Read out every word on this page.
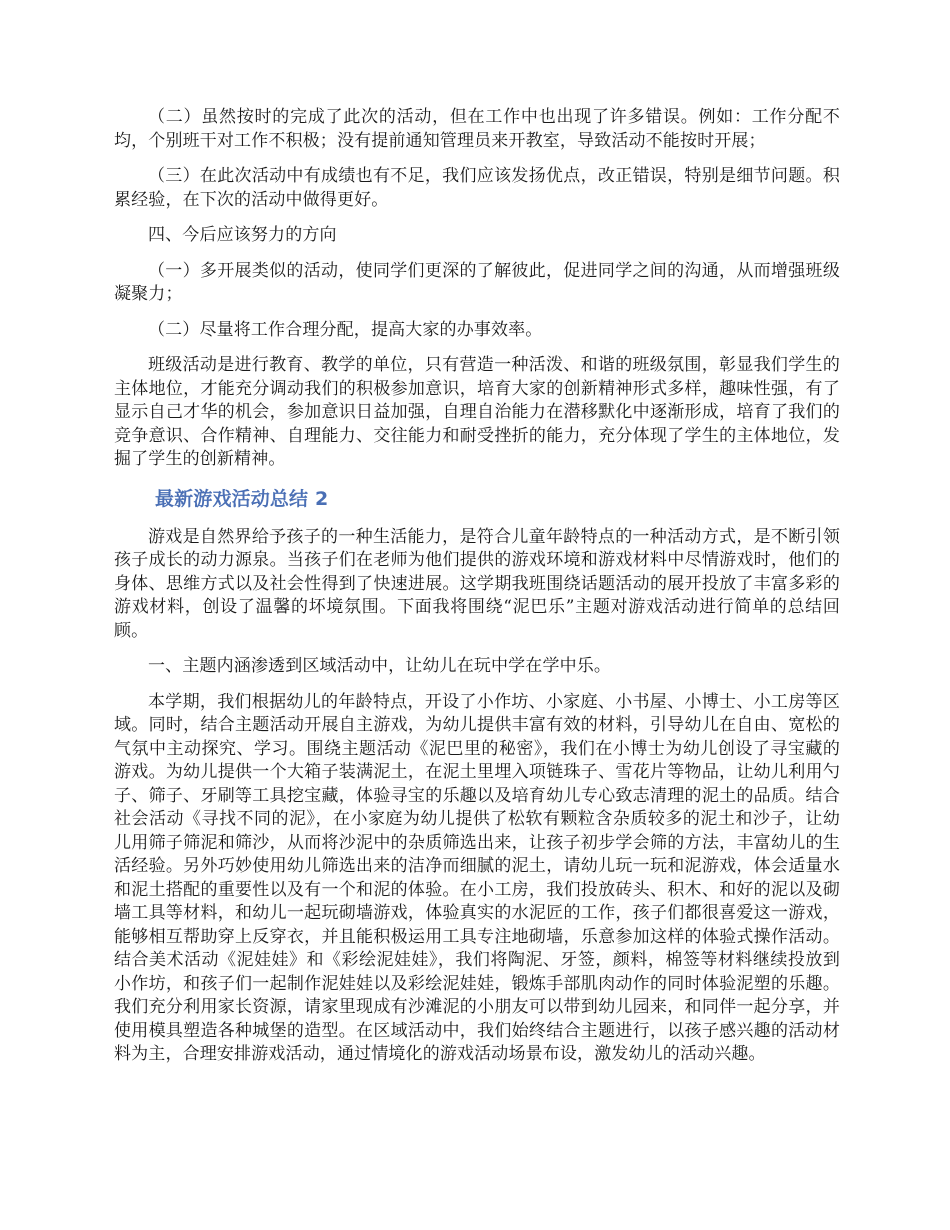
（二）虽然按时的完成了此次的活动，但在工作中也出现了许多错误。例如：工作分配不均，个别班干对工作不积极；没有提前通知管理员来开教室，导致活动不能按时开展；

（三）在此次活动中有成绩也有不足，我们应该发扬优点，改正错误，特别是细节问题。积累经验，在下次的活动中做得更好。

四、今后应该努力的方向

（一）多开展类似的活动，使同学们更深的了解彼此，促进同学之间的沟通，从而增强班级凝聚力；

（二）尽量将工作合理分配，提高大家的办事效率。

班级活动是进行教育、教学的单位，只有营造一种活泼、和谐的班级氛围，彰显我们学生的主体地位，才能充分调动我们的积极参加意识，培育大家的创新精神形式多样，趣味性强，有了显示自己才华的机会，参加意识日益加强，自理自治能力在潜移默化中逐渐形成，培育了我们的竞争意识、合作精神、自理能力、交往能力和耐受挫折的能力，充分体现了学生的主体地位，发掘了学生的创新精神。

最新游戏活动总结 2

游戏是自然界给予孩子的一种生活能力，是符合儿童年龄特点的一种活动方式，是不断引领孩子成长的动力源泉。当孩子们在老师为他们提供的游戏环境和游戏材料中尽情游戏时，他们的身体、思维方式以及社会性得到了快速进展。这学期我班围绕话题活动的展开投放了丰富多彩的游戏材料，创设了温馨的坏境氛围。下面我将围绕“泥巴乐”主题对游戏活动进行简单的总结回顾。

一、主题内涵渗透到区域活动中，让幼儿在玩中学在学中乐。

本学期，我们根据幼儿的年龄特点，开设了小作坊、小家庭、小书屋、小博士、小工房等区域。同时，结合主题活动开展自主游戏，为幼儿提供丰富有效的材料，引导幼儿在自由、宽松的气氛中主动探究、学习。围绕主题活动《泥巴里的秘密》，我们在小博士为幼儿创设了寻宝藏的游戏。为幼儿提供一个大箱子装满泥土，在泥土里埋入项链珠子、雪花片等物品，让幼儿利用勺子、筛子、牙刷等工具挖宝藏，体验寻宝的乐趣以及培育幼儿专心致志清理的泥土的品质。结合社会活动《寻找不同的泥》，在小家庭为幼儿提供了松软有颗粒含杂质较多的泥土和沙子，让幼儿用筛子筛泥和筛沙，从而将沙泥中的杂质筛选出来，让孩子初步学会筛的方法，丰富幼儿的生活经验。另外巧妙使用幼儿筛选出来的洁净而细腻的泥土，请幼儿玩一玩和泥游戏，体会适量水和泥土搭配的重要性以及有一个和泥的体验。在小工房，我们投放砖头、积木、和好的泥以及砌墙工具等材料，和幼儿一起玩砌墙游戏，体验真实的水泥匠的工作，孩子们都很喜爱这一游戏，能够相互帮助穿上反穿衣，并且能积极运用工具专注地砌墙，乐意参加这样的体验式操作活动。结合美术活动《泥娃娃》和《彩绘泥娃娃》，我们将陶泥、牙签，颜料，棉签等材料继续投放到小作坊，和孩子们一起制作泥娃娃以及彩绘泥娃娃，锻炼手部肌肉动作的同时体验泥塑的乐趣。我们充分利用家长资源，请家里现成有沙滩泥的小朋友可以带到幼儿园来，和同伴一起分享，并使用模具塑造各种城堡的造型。在区域活动中，我们始终结合主题进行，以孩子感兴趣的活动材料为主，合理安排游戏活动，通过情境化的游戏活动场景布设，激发幼儿的活动兴趣。
